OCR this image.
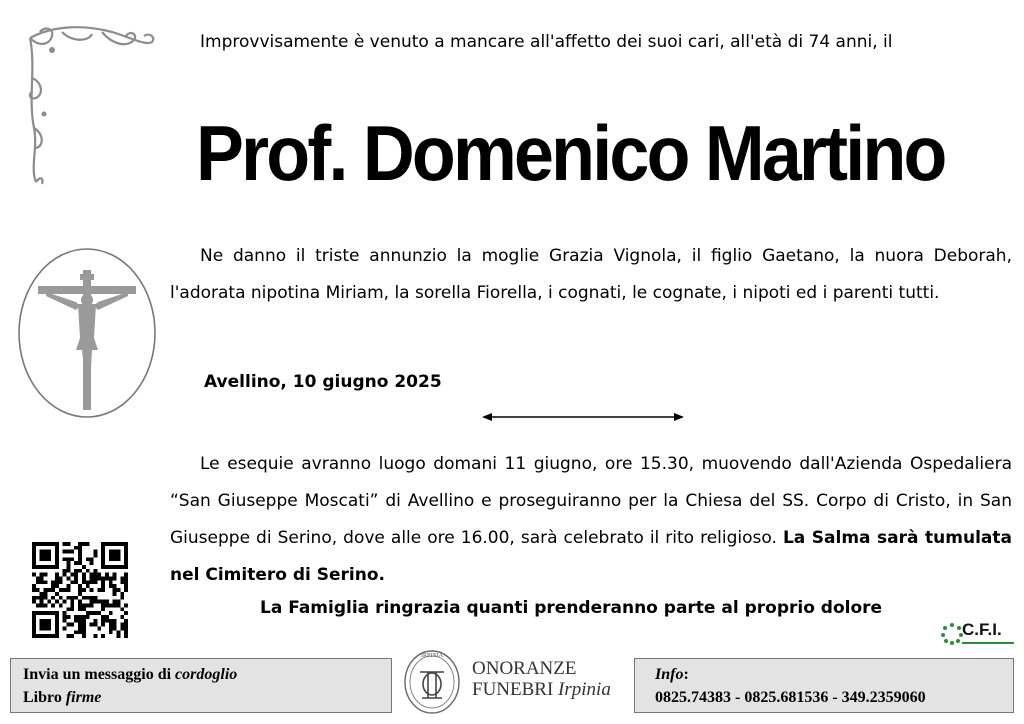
Improvvisamente è venuto a mancare all'affetto dei suoi cari, all'età di 74 anni, il
Prof. Domenico Martino
Ne danno il triste annunzio la moglie Grazia Vignola, il figlio Gaetano, la nuora Deborah, l'adorata nipotina Miriam, la sorella Fiorella, i cognati, le cognate, i nipoti ed i parenti tutti.
Avellino, 10 giugno 2025
Le esequie avranno luogo domani 11 giugno, ore 15.30, muovendo dall'Azienda Ospedaliera “San Giuseppe Moscati” di Avellino e proseguiranno per la Chiesa del SS. Corpo di Cristo, in San Giuseppe di Serino, dove alle ore 16.00, sarà celebrato il rito religioso. La Salma sarà tumulata nel Cimitero di Serino.
La Famiglia ringrazia quanti prenderanno parte al proprio dolore
C.F.I.
Invia un messaggio di cordoglio
Libro firme
IRPINIA
ONORANZE
FUNEBRI Irpinia
Info:
0825.74383 - 0825.681536 - 349.2359060
